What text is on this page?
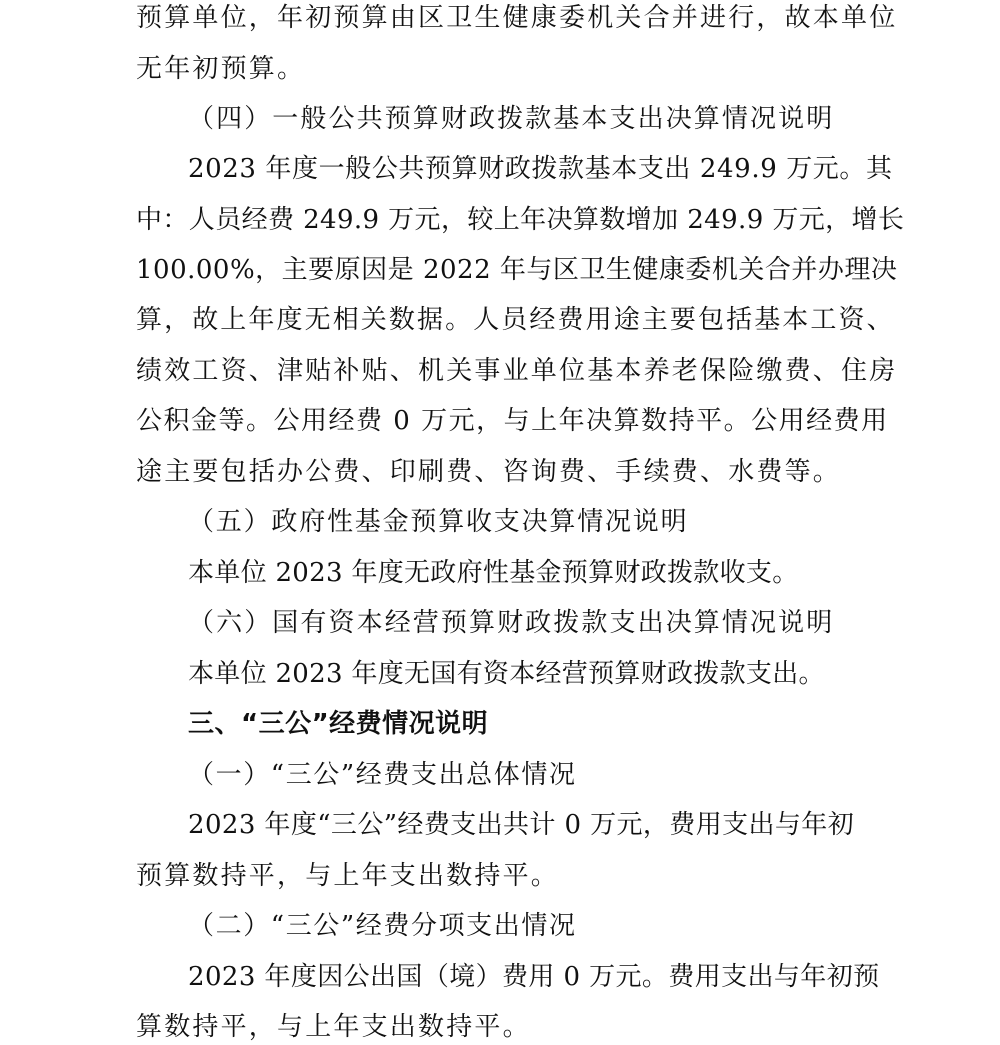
预算单位，年初预算由区卫生健康委机关合并进行，故本单位
无年初预算。
（四）一般公共预算财政拨款基本支出决算情况说明
2023 年度一般公共预算财政拨款基本支出 249.9 万元。其
中：人员经费 249.9 万元，较上年决算数增加 249.9 万元，增长
100.00%，主要原因是 2022 年与区卫生健康委机关合并办理决
算，故上年度无相关数据。人员经费用途主要包括基本工资、
绩效工资、津贴补贴、机关事业单位基本养老保险缴费、住房
公积金等。公用经费 0 万元，与上年决算数持平。公用经费用
途主要包括办公费、印刷费、咨询费、手续费、水费等。
（五）政府性基金预算收支决算情况说明
本单位 2023 年度无政府性基金预算财政拨款收支。
（六）国有资本经营预算财政拨款支出决算情况说明
本单位 2023 年度无国有资本经营预算财政拨款支出。
三、“三公”经费情况说明
（一）“三公”经费支出总体情况
2023 年度“三公”经费支出共计 0 万元，费用支出与年初
预算数持平，与上年支出数持平。
（二）“三公”经费分项支出情况
2023 年度因公出国（境）费用 0 万元。费用支出与年初预
算数持平，与上年支出数持平。
